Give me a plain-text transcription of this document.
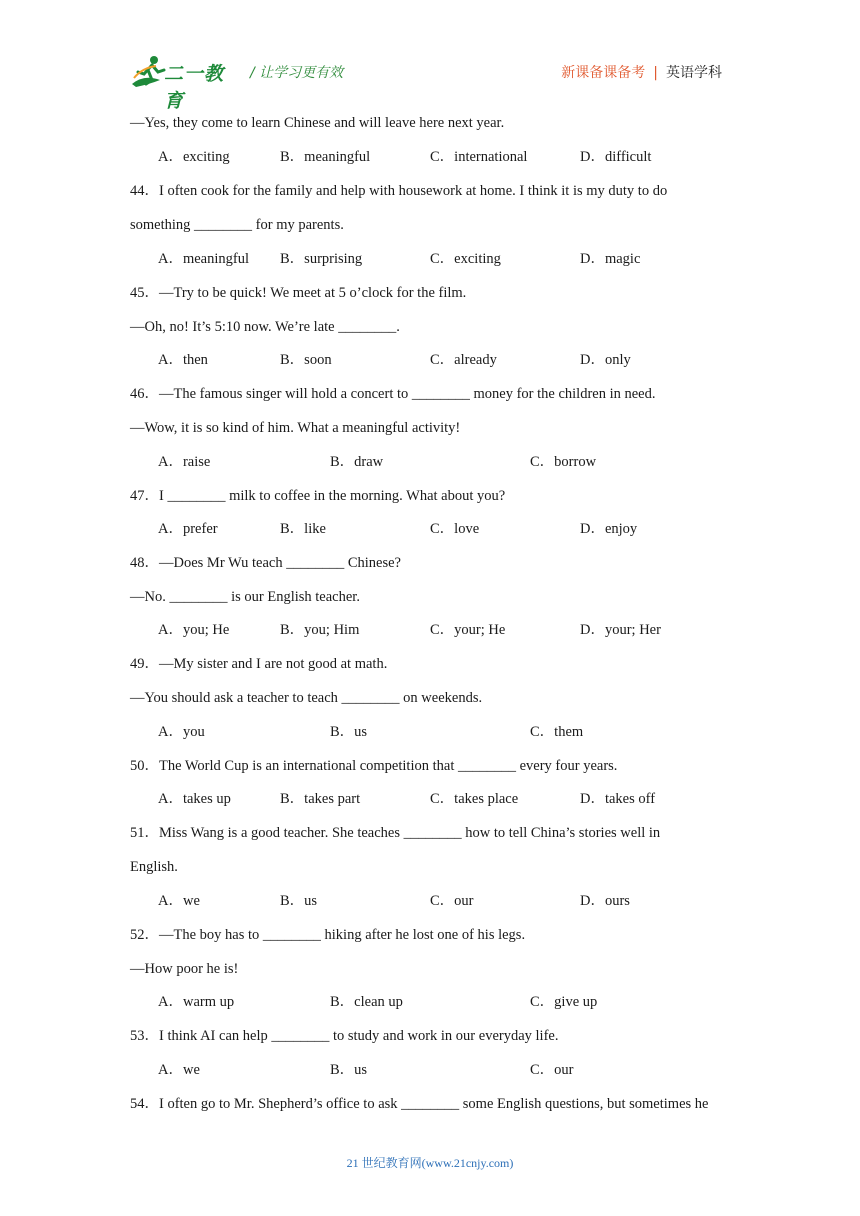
二一教育
/ 让学习更有效	新课备课备考 | 英语学科
—Yes, they come to learn Chinese and will leave here next year.
A．exciting	B．meaningful	C．international	D．difficult
44．I often cook for the family and help with housework at home. I think it is my duty to do
something ________ for my parents.
A．meaningful B．surprising	C．exciting	D．magic
45．—Try to be quick! We meet at 5 o’clock for the film.
—Oh, no! It’s 5:10 now. We’re late ________.
A．then	B．soon	C．already	D．only
46．—The famous singer will hold a concert to ________ money for the children in need.
—Wow, it is so kind of him. What a meaningful activity!
A．raise	B．draw	C．borrow
47．I ________ milk to coffee in the morning. What about you?
A．prefer	B．like	C．love	D．enjoy
48．—Does Mr Wu teach ________ Chinese?
—No. ________ is our English teacher.
A．you; He	B．you; Him	C．your; He	D．your; Her
49．—My sister and I are not good at math.
—You should ask a teacher to teach ________ on weekends.
A．you	B．us	C．them
50．The World Cup is an international competition that ________ every four years.
A．takes up	B．takes part	C．takes place	D．takes off
51．Miss Wang is a good teacher. She teaches ________ how to tell China’s stories well in
English.
A．we	B．us	C．our	D．ours
52．—The boy has to ________ hiking after he lost one of his legs.
—How poor he is!
A．warm up	B．clean up	C．give up
53．I think AI can help ________ to study and work in our everyday life.
A．we	B．us	C．our
54．I often go to Mr. Shepherd’s office to ask ________ some English questions, but sometimes he
21 世纪教育网(www.21cnjy.com)
